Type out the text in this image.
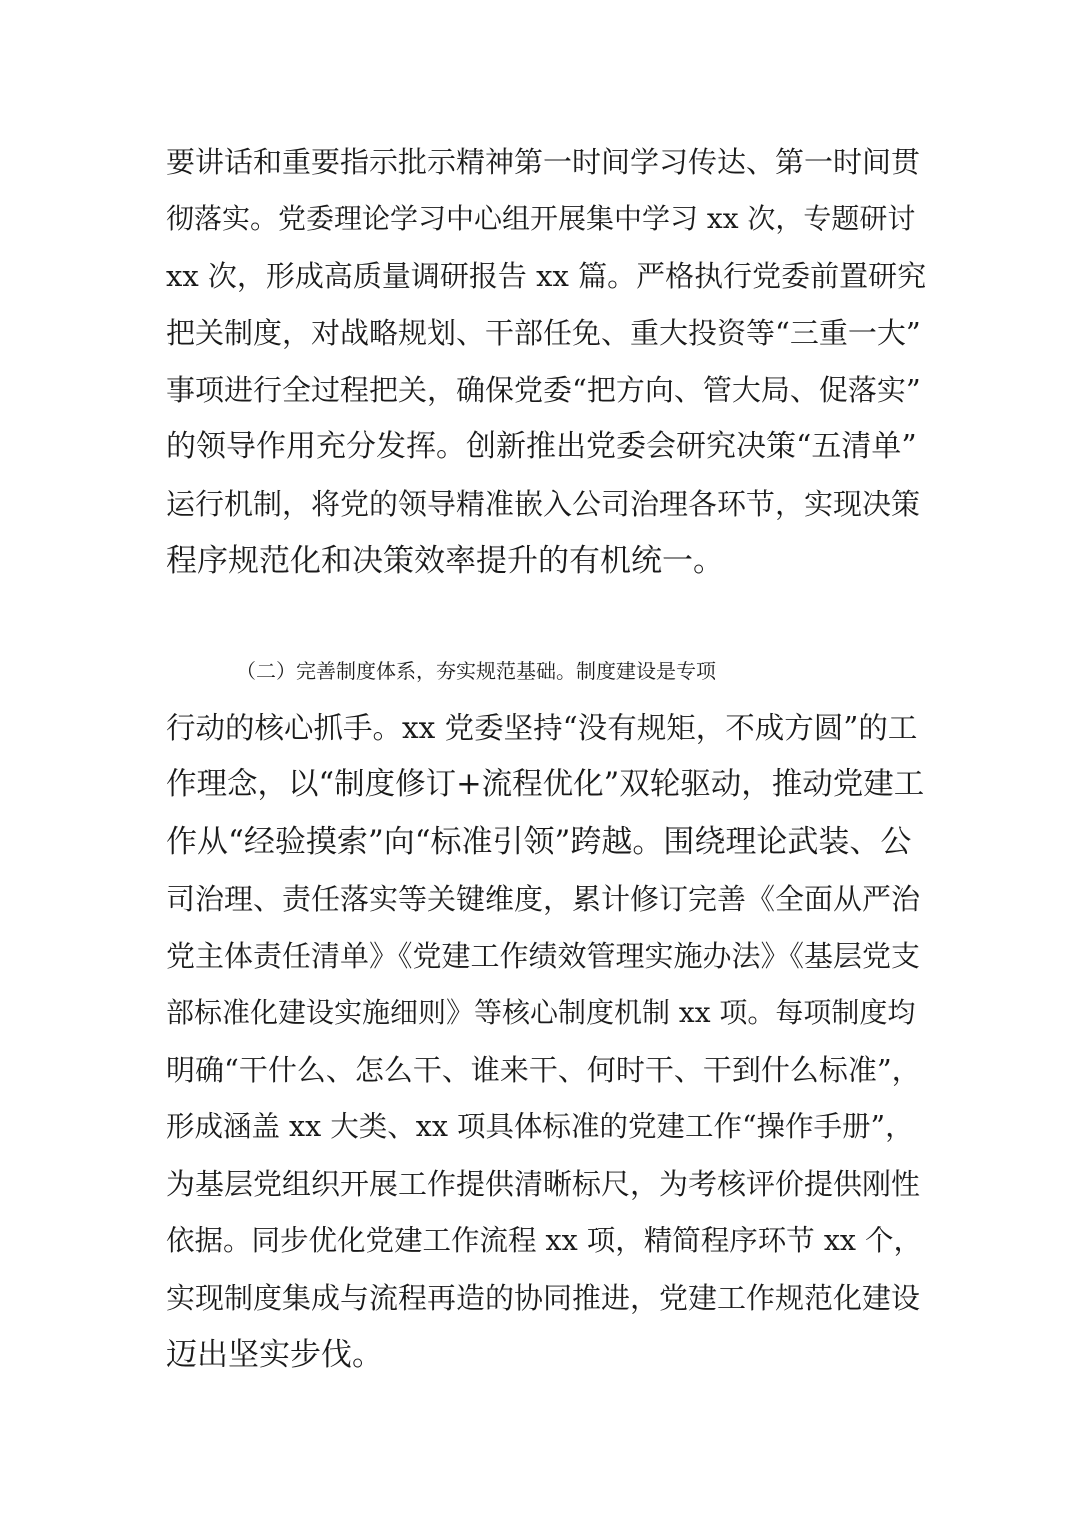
要讲话和重要指示批示精神第一时间学习传达、第一时间贯
彻落实。党委理论学习中心组开展集中学习 xx 次，专题研讨
xx 次，形成高质量调研报告 xx 篇。严格执行党委前置研究
把关制度，对战略规划、干部任免、重大投资等“三重一大”
事项进行全过程把关，确保党委“把方向、管大局、促落实”
的领导作用充分发挥。创新推出党委会研究决策“五清单”
运行机制，将党的领导精准嵌入公司治理各环节，实现决策
程序规范化和决策效率提升的有机统一。
（二）完善制度体系，夯实规范基础。制度建设是专项
行动的核心抓手。xx 党委坚持“没有规矩，不成方圆”的工
作理念，以“制度修订+流程优化”双轮驱动，推动党建工
作从“经验摸索”向“标准引领”跨越。围绕理论武装、公
司治理、责任落实等关键维度，累计修订完善《全面从严治
党主体责任清单》《党建工作绩效管理实施办法》《基层党支
部标准化建设实施细则》等核心制度机制 xx 项。每项制度均
明确“干什么、怎么干、谁来干、何时干、干到什么标准”，
形成涵盖 xx 大类、xx 项具体标准的党建工作“操作手册”，
为基层党组织开展工作提供清晰标尺，为考核评价提供刚性
依据。同步优化党建工作流程 xx 项，精简程序环节 xx 个，
实现制度集成与流程再造的协同推进，党建工作规范化建设
迈出坚实步伐。
